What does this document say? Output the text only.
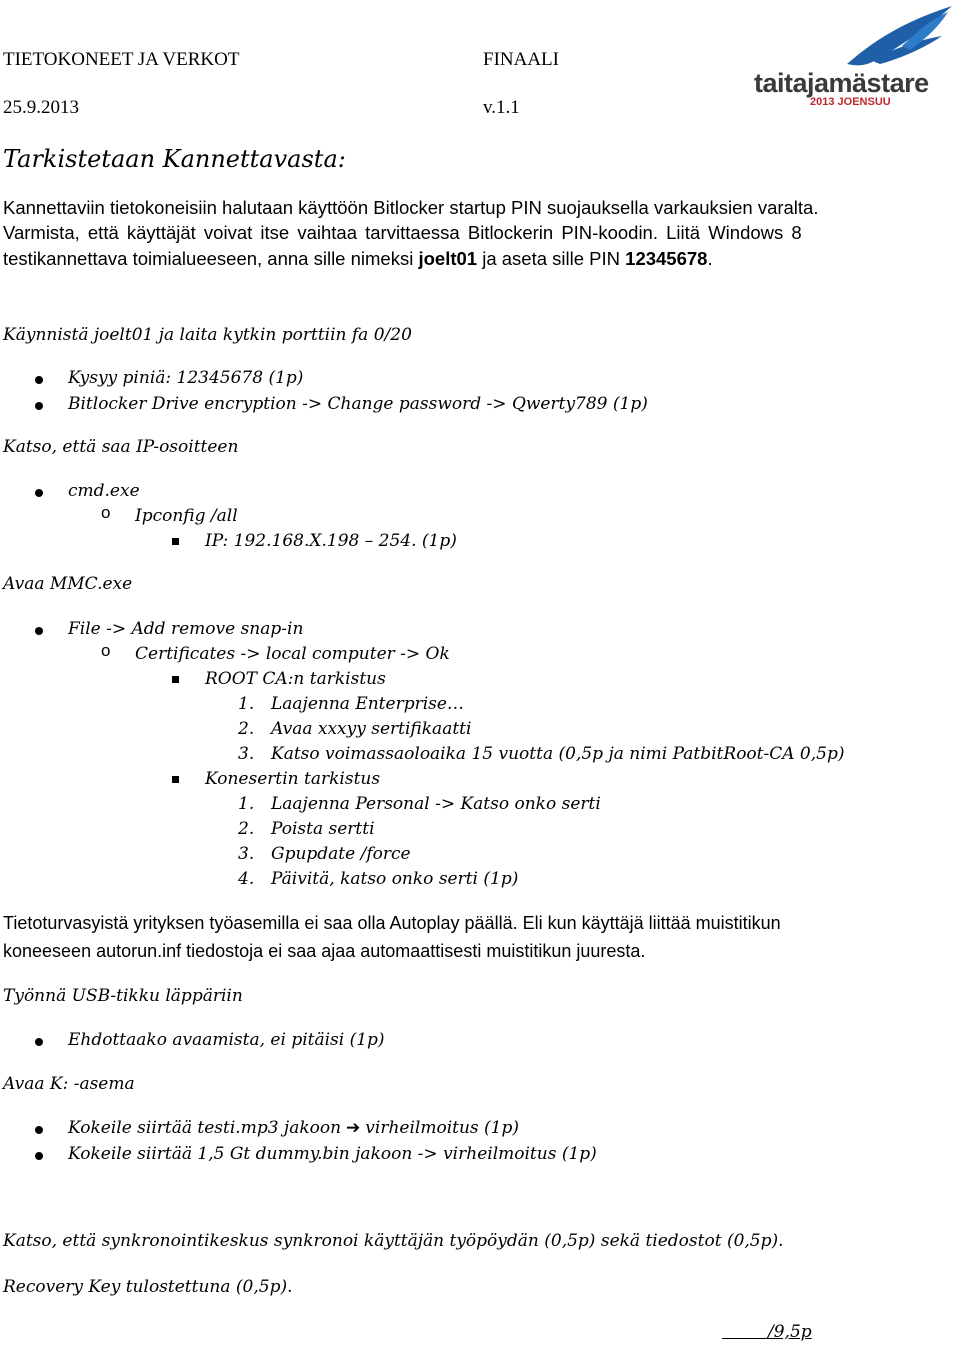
TIETOKONEET JA VERKOT	FINAALI
25.9.2013	v.1.1
taitajamästare
2013 JOENSUU
Tarkistetaan Kannettavasta:
Kannettaviin tietokoneisiin halutaan käyttöön Bitlocker startup PIN suojauksella varkauksien varalta.
Varmista, että käyttäjät voivat itse vaihtaa tarvittaessa Bitlockerin PIN-koodin. Liitä Windows 8
testikannettava toimialueeseen, anna sille nimeksi joelt01 ja aseta sille PIN 12345678.
Käynnistä joelt01 ja laita kytkin porttiin fa 0/20
Kysyy piniä: 12345678 (1p)
Bitlocker Drive encryption -> Change password -> Qwerty789 (1p)
Katso, että saa IP-osoitteen
cmd.exe
o Ipconfig /all
IP: 192.168.X.198 – 254. (1p)
Avaa MMC.exe
File -> Add remove snap-in
o Certificates -> local computer -> Ok
ROOT CA:n tarkistus
1. Laajenna Enterprise…
2. Avaa xxxyy sertifikaatti
3. Katso voimassaoloaika 15 vuotta (0,5p ja nimi PatbitRoot-CA 0,5p)
Konesertin tarkistus
1. Laajenna Personal -> Katso onko serti
2. Poista sertti
3. Gpupdate /force
4. Päivitä, katso onko serti (1p)
Tietoturvasyistä yrityksen työasemilla ei saa olla Autoplay päällä. Eli kun käyttäjä liittää muistitikun
koneeseen autorun.inf tiedostoja ei saa ajaa automaattisesti muistitikun juuresta.
Työnnä USB-tikku läppäriin
Ehdottaako avaamista, ei pitäisi (1p)
Avaa K: -asema
Kokeile siirtää testi.mp3 jakoon ➔ virheilmoitus (1p)
Kokeile siirtää 1,5 Gt dummy.bin jakoon -> virheilmoitus (1p)
Katso, että synkronointikeskus synkronoi käyttäjän työpöydän (0,5p) sekä tiedostot (0,5p).
Recovery Key tulostettuna (0,5p).
/9,5p
